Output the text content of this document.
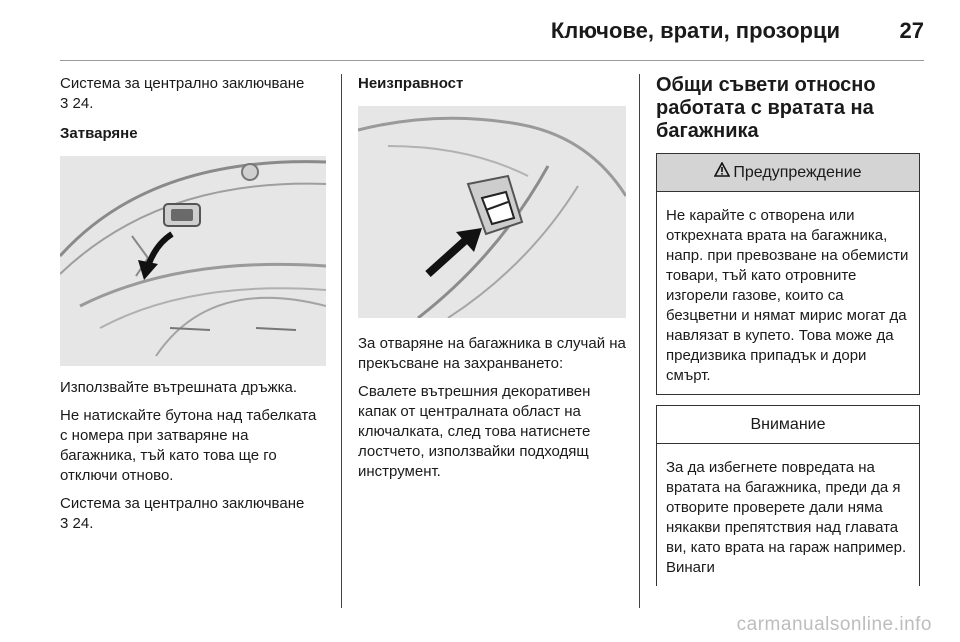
Ключове, врати, прозорци	27

Система за централно заключване
3 24.

Затваряне

Използвайте вътрешната дръжка.

Не натискайте бутона над табелката с номера при затваряне на багажника, тъй като това ще го отключи отново.

Система за централно заключване
3 24.

Неизправност

За отваряне на багажника в случай на прекъсване на захранването:

Свалете вътрешния декоративен капак от централната област на ключалката, след това натиснете лостчето, използвайки подходящ инструмент.

Общи съвети относно работата с вратата на багажника
Предупреждение
Не карайте с отворена или открехната врата на багажника, напр. при превозване на обемисти товари, тъй като отровните изгорели газове, които са безцветни и нямат мирис могат да навлязат в купето. Това може да предизвика припадък и дори смърт.
Внимание
За да избегнете повредата на вратата на багажника, преди да я отворите проверете дали няма някакви препятствия над главата ви, като врата на гараж например. Винаги
carmanualsonline.info
